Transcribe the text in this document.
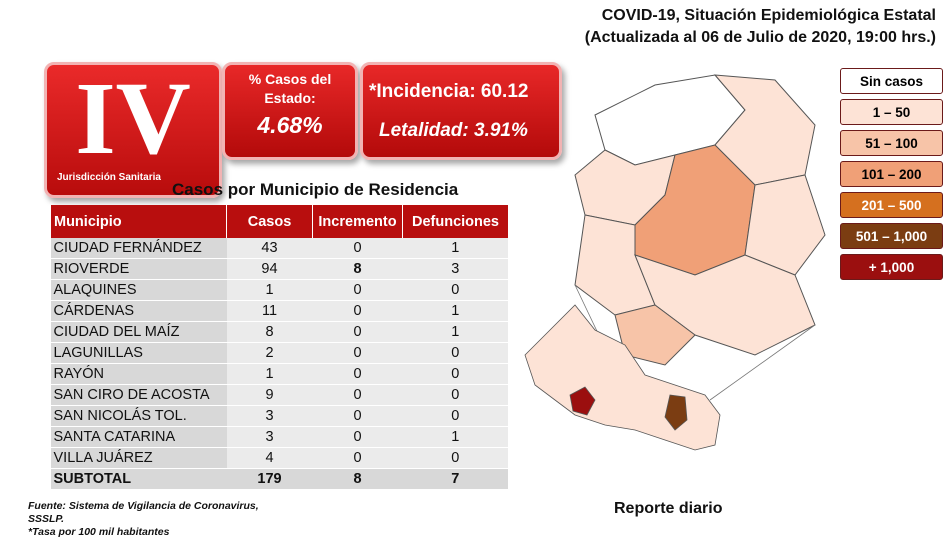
COVID-19, Situación Epidemiológica Estatal
(Actualizada al 06 de Julio de 2020, 19:00 hrs.)
IV
Jurisdicción Sanitaria
% Casos del Estado:
4.68%
*Incidencia: 60.12
Letalidad: 3.91%
Casos por Municipio de Residencia
Municipio	Casos	Incremento	Defunciones
CIUDAD FERNÁNDEZ	43	0	1
RIOVERDE	94	8	3
ALAQUINES	1	0	0
CÁRDENAS	11	0	1
CIUDAD DEL MAÍZ	8	0	1
LAGUNILLAS	2	0	0
RAYÓN	1	0	0
SAN CIRO DE ACOSTA	9	0	0
SAN NICOLÁS TOL.	3	0	0
SANTA CATARINA	3	0	1
VILLA JUÁREZ	4	0	0
SUBTOTAL	179	8	7
Fuente: Sistema de Vigilancia de Coronavirus,
SSSLP.
*Tasa por 100 mil habitantes
Reporte diario
Sin casos
1 – 50
51 – 100
101 – 200
201 – 500
501 – 1,000
+ 1,000
